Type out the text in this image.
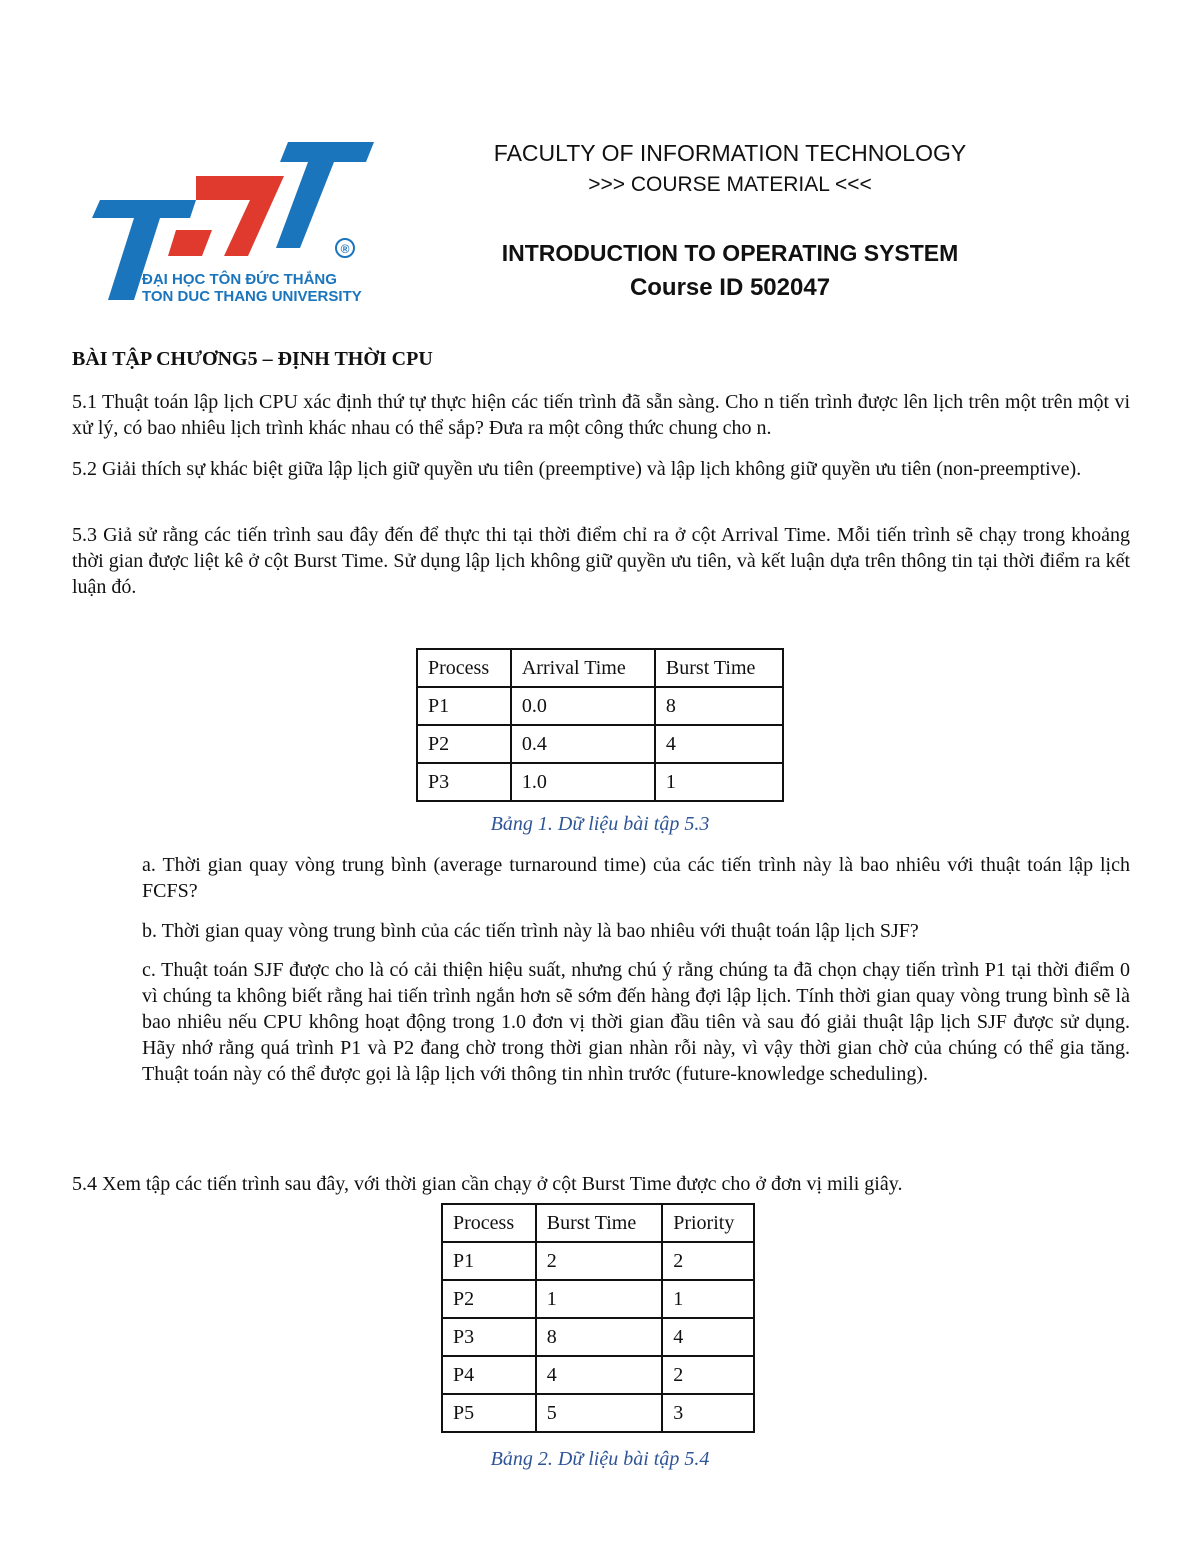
®
ĐẠI HỌC TÔN ĐỨC THẮNG
TON DUC THANG UNIVERSITY
FACULTY OF INFORMATION TECHNOLOGY
>>> COURSE MATERIAL <<<
INTRODUCTION TO OPERATING SYSTEM
Course ID 502047
BÀI TẬP CHƯƠNG5 – ĐỊNH THỜI CPU
5.1 Thuật toán lập lịch CPU xác định thứ tự thực hiện các tiến trình đã sẵn sàng. Cho n tiến trình được lên lịch trên một trên một vi xử lý, có bao nhiêu lịch trình khác nhau có thể sắp? Đưa ra một công thức chung cho n.
5.2 Giải thích sự khác biệt giữa lập lịch giữ quyền ưu tiên (preemptive) và lập lịch không giữ quyền ưu tiên (non-preemptive).
5.3 Giả sử rằng các tiến trình sau đây đến để thực thi tại thời điểm chỉ ra ở cột Arrival Time. Mỗi tiến trình sẽ chạy trong khoảng thời gian được liệt kê ở cột Burst Time. Sử dụng lập lịch không giữ quyền ưu tiên, và kết luận dựa trên thông tin tại thời điểm ra kết luận đó.
Process	Arrival Time	Burst Time
P1	0.0	8
P2	0.4	4
P3	1.0	1
Bảng 1. Dữ liệu bài tập 5.3
a. Thời gian quay vòng trung bình (average turnaround time) của các tiến trình này là bao nhiêu với thuật toán lập lịch FCFS?
b. Thời gian quay vòng trung bình của các tiến trình này là bao nhiêu với thuật toán lập lịch SJF?
c. Thuật toán SJF được cho là có cải thiện hiệu suất, nhưng chú ý rằng chúng ta đã chọn chạy tiến trình P1 tại thời điểm 0 vì chúng ta không biết rằng hai tiến trình ngắn hơn sẽ sớm đến hàng đợi lập lịch. Tính thời gian quay vòng trung bình sẽ là bao nhiêu nếu CPU không hoạt động trong 1.0 đơn vị thời gian đầu tiên và sau đó giải thuật lập lịch SJF được sử dụng. Hãy nhớ rằng quá trình P1 và P2 đang chờ trong thời gian nhàn rỗi này, vì vậy thời gian chờ của chúng có thể gia tăng. Thuật toán này có thể được gọi là lập lịch với thông tin nhìn trước (future-knowledge scheduling).
5.4 Xem tập các tiến trình sau đây, với thời gian cần chạy ở cột Burst Time được cho ở đơn vị mili giây.
Process	Burst Time	Priority
P1	2	2
P2	1	1
P3	8	4
P4	4	2
P5	5	3
Bảng 2. Dữ liệu bài tập 5.4
